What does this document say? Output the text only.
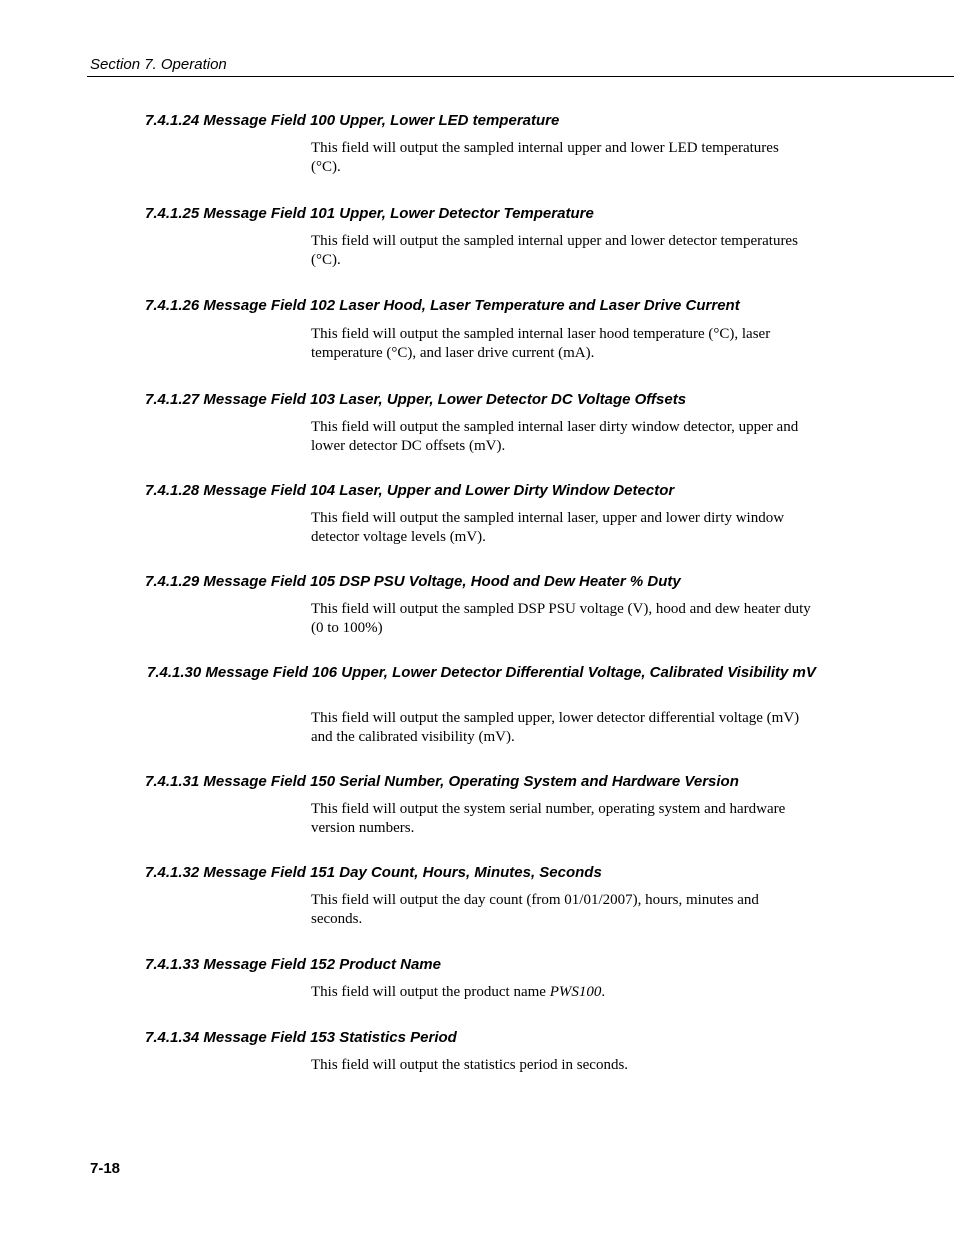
Section 7. Operation
7.4.1.24 Message Field 100 Upper, Lower LED temperature
This field will output the sampled internal upper and lower LED temperatures (°C).
7.4.1.25 Message Field 101 Upper, Lower Detector Temperature
This field will output the sampled internal upper and lower detector temperatures (°C).
7.4.1.26 Message Field 102 Laser Hood, Laser Temperature and Laser Drive Current
This field will output the sampled internal laser hood temperature (°C), laser temperature (°C), and laser drive current (mA).
7.4.1.27 Message Field 103 Laser, Upper, Lower Detector DC Voltage Offsets
This field will output the sampled internal laser dirty window detector, upper and lower detector DC offsets (mV).
7.4.1.28 Message Field 104 Laser, Upper and Lower Dirty Window Detector
This field will output the sampled internal laser, upper and lower dirty window detector voltage levels (mV).
7.4.1.29 Message Field 105 DSP PSU Voltage, Hood and Dew Heater % Duty
This field will output the sampled DSP PSU voltage (V), hood and dew heater duty (0 to 100%)
7.4.1.30 Message Field 106 Upper, Lower Detector Differential Voltage, Calibrated Visibility mV
This field will output the sampled upper, lower detector differential voltage (mV) and the calibrated visibility (mV).
7.4.1.31 Message Field 150 Serial Number, Operating System and Hardware Version
This field will output the system serial number, operating system and hardware version numbers.
7.4.1.32 Message Field 151 Day Count, Hours, Minutes, Seconds
This field will output the day count (from 01/01/2007), hours, minutes and seconds.
7.4.1.33 Message Field 152 Product Name
This field will output the product name PWS100.
7.4.1.34 Message Field 153 Statistics Period
This field will output the statistics period in seconds.
7-18
